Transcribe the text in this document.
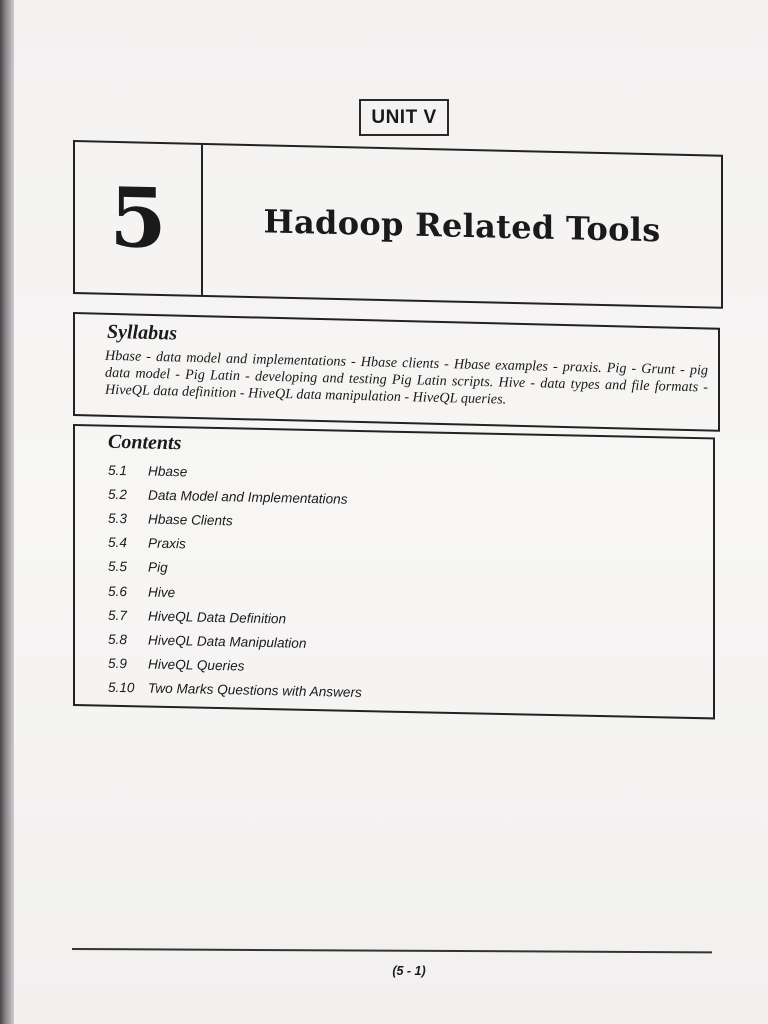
UNIT V
5	Hadoop Related Tools
Syllabus

Hbase - data model and implementations - Hbase clients - Hbase examples - praxis. Pig - Grunt - pig data model - Pig Latin - developing and testing Pig Latin scripts. Hive - data types and file formats - HiveQL data definition - HiveQL data manipulation - HiveQL queries.

Contents
5.1	Hbase
5.2	Data Model and Implementations
5.3	Hbase Clients
5.4	Praxis
5.5	Pig
5.6	Hive
5.7	HiveQL Data Definition
5.8	HiveQL Data Manipulation
5.9	HiveQL Queries
5.10 Two Marks Questions with Answers
(5 - 1)
